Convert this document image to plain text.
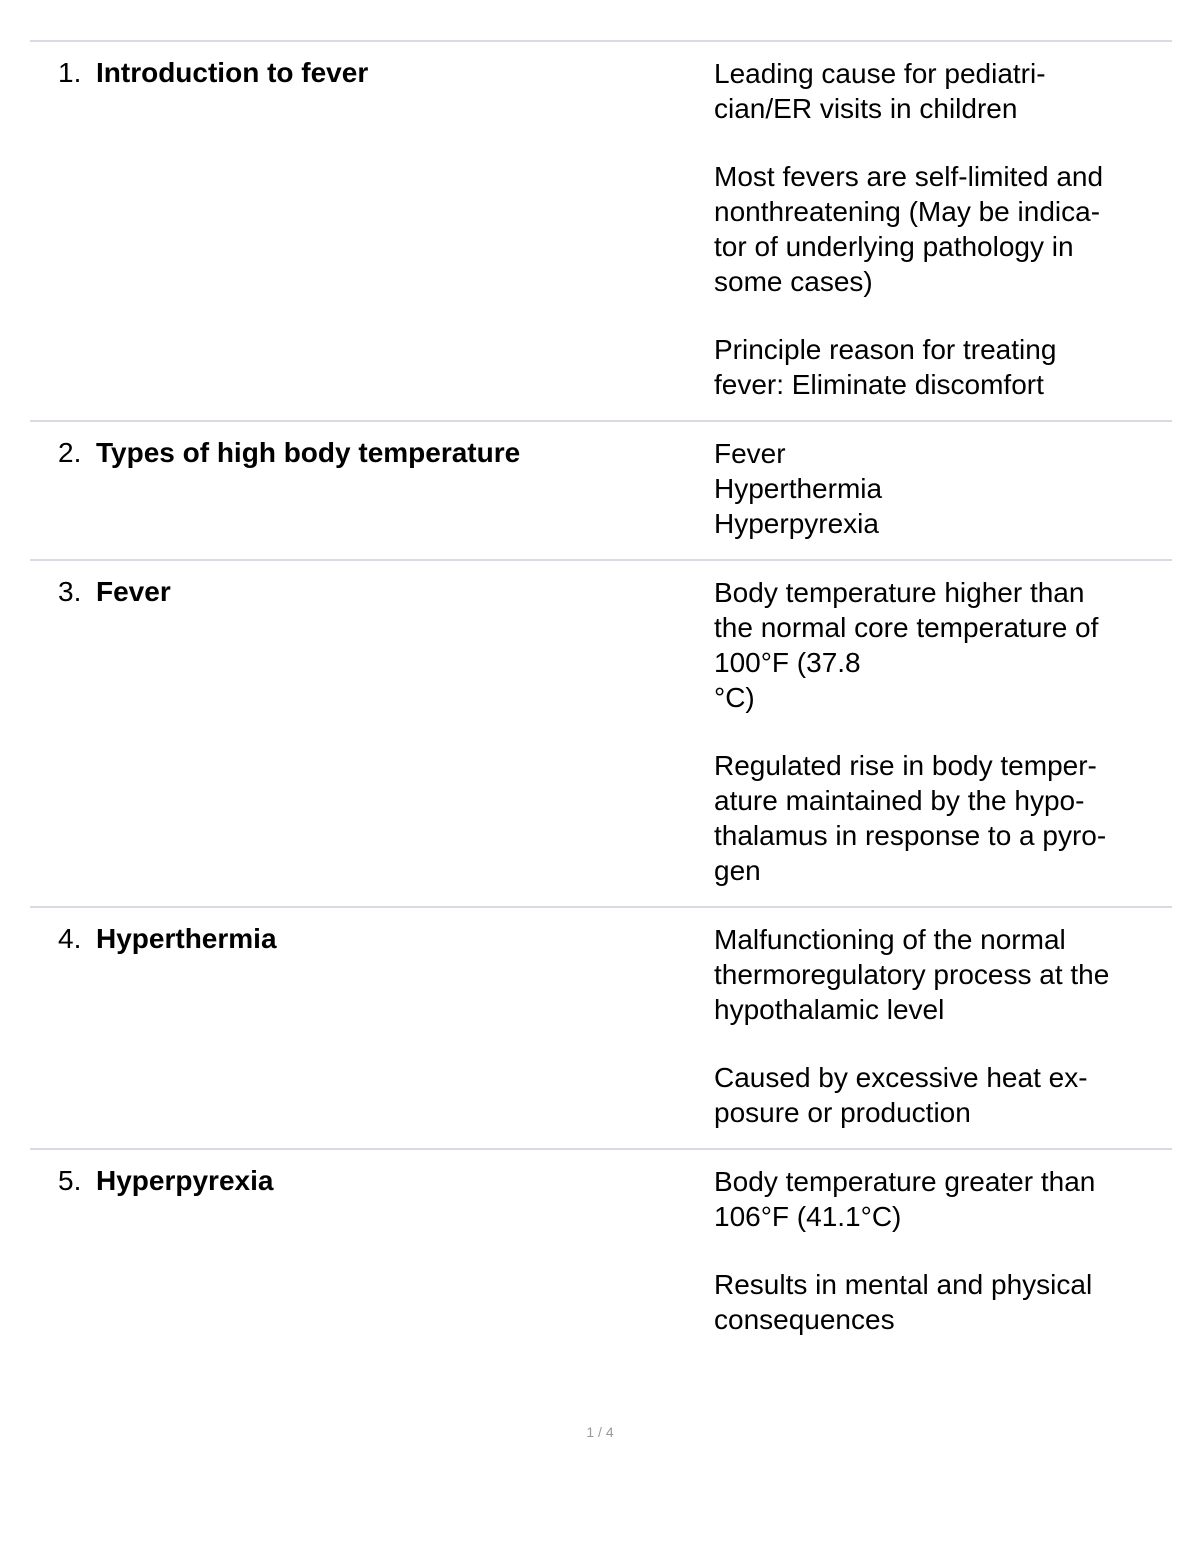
1. Introduction to fever	Leading cause for pediatri-
cian/ER visits in children

Most fevers are self-limited and
nonthreatening (May be indica-
tor of underlying pathology in
some cases)

Principle reason for treating
fever: Eliminate discomfort

2. Types of high body temperature	Fever
Hyperthermia
Hyperpyrexia

3. Fever	Body temperature higher than
the normal core temperature of
100°F (37.8
°C)

Regulated rise in body temper-
ature maintained by the hypo-
thalamus in response to a pyro-
gen

4. Hyperthermia	Malfunctioning of the normal
thermoregulatory process at the
hypothalamic level

Caused by excessive heat ex-
posure or production

5. Hyperpyrexia	Body temperature greater than
106°F (41.1°C)

Results in mental and physical
consequences

1 / 4
